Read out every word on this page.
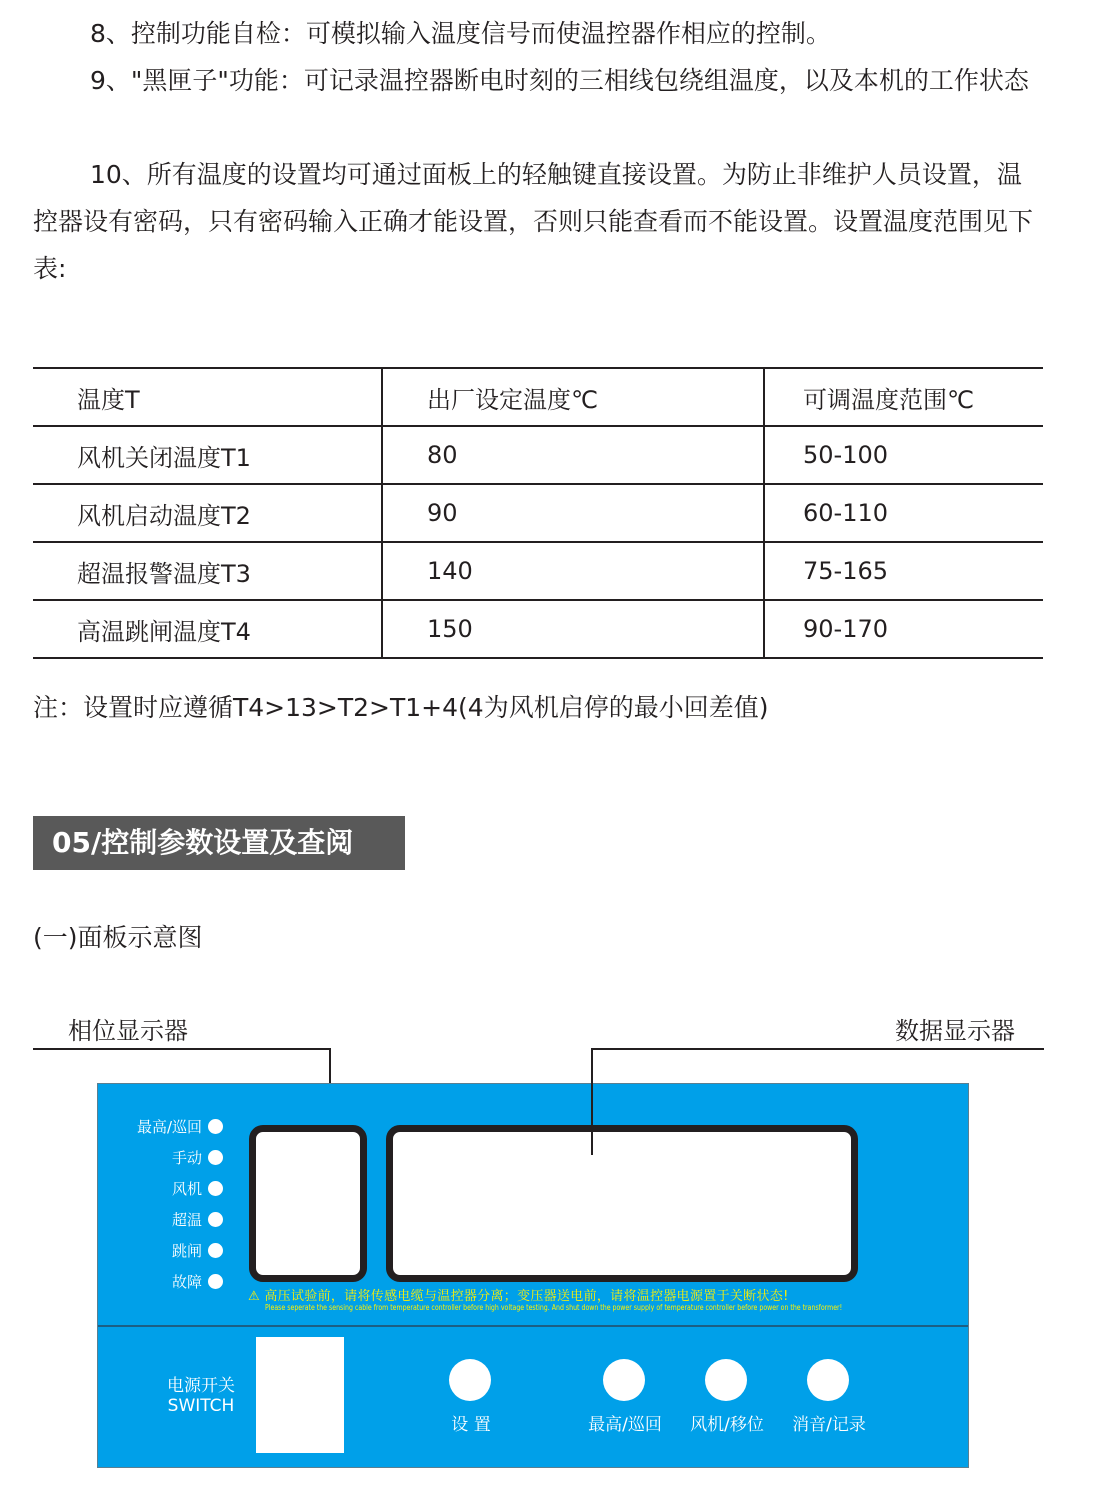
8、控制功能自检：可模拟输入温度信号而使温控器作相应的控制。

9、"黑匣子"功能：可记录温控器断电时刻的三相线包绕组温度，以及本机的工作状态

10、所有温度的设置均可通过面板上的轻触键直接设置。为防止非维护人员设置，温控器设有密码，只有密码输入正确才能设置，否则只能查看而不能设置。设置温度范围见下表:

温度T	出厂设定温度℃	可调温度范围℃
风机关闭温度T1	80	50-100
风机启动温度T2	90	60-110
超温报警温度T3	140	75-165
高温跳闸温度T4	150	90-170
注：设置时应遵循T4>13>T2>T1+4(4为风机启停的最小回差值)
05/控制参数设置及查阅
(一)面板示意图
相位显示器	数据显示器
最高/巡回
手动
风机
超温
跳闸
故障
⚠ 高压试验前，请将传感电缆与温控器分离；变压器送电前，请将温控器电源置于关断状态!
Please seperate the sensing cable from temperature controller before high voltage testing. And shut down the power supply of temperature controller before power on the transformer!
电源开关
SWITCH
设 置	最高/巡回 风机/移位 消音/记录
